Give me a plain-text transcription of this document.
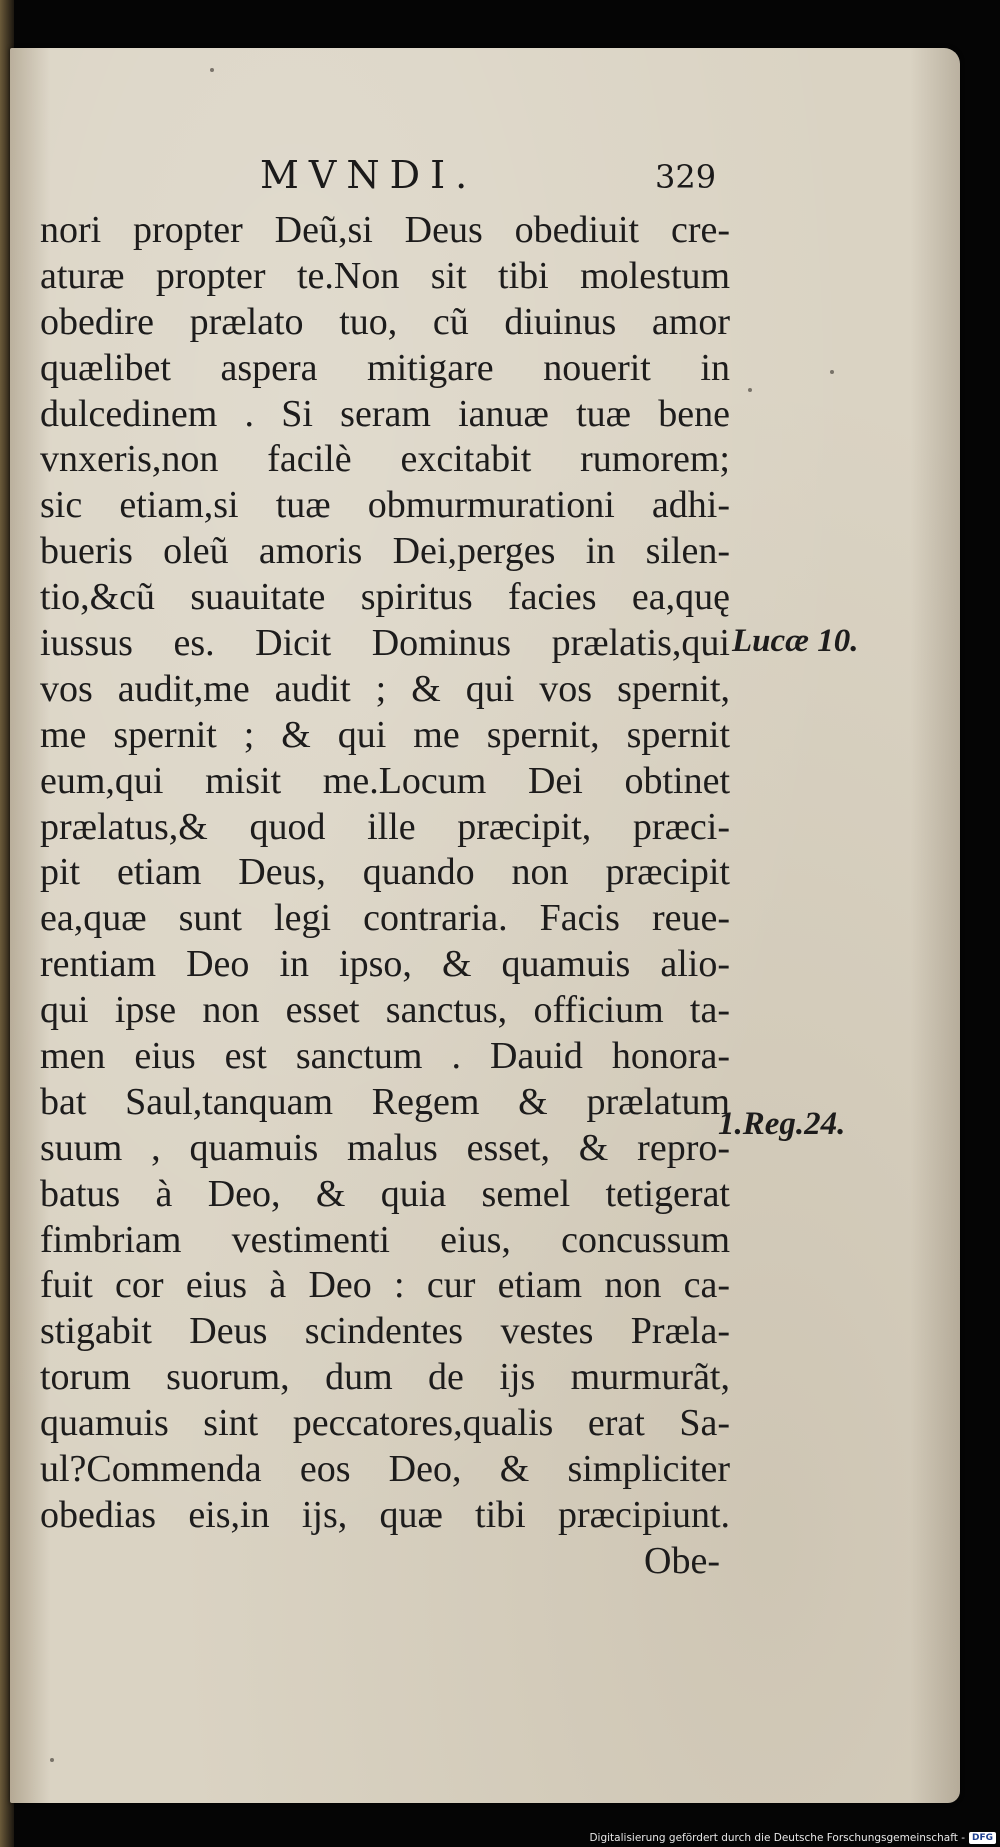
MVNDI.	329

nori propter Deũ,si Deus obediuit cre-
aturæ propter te.Non sit tibi molestum
obedire prælato tuo, cũ diuinus amor
quælibet aspera mitigare nouerit in
dulcedinem . Si seram ianuæ tuæ bene
vnxeris,non facilè excitabit rumorem;
sic etiam,si tuæ obmurmurationi adhi-
bueris oleũ amoris Dei,perges in silen-
tio,&cũ suauitate spiritus facies ea,quę
iussus es. Dicit Dominus prælatis,qui
vos audit,me audit ; & qui vos spernit,
me spernit ; & qui me spernit, spernit
eum,qui misit me.Locum Dei obtinet
prælatus,& quod ille præcipit, præci-
pit etiam Deus, quando non præcipit
ea,quæ sunt legi contraria. Facis reue-
rentiam Deo in ipso, & quamuis alio-
qui ipse non esset sanctus, officium ta-
men eius est sanctum . Dauid honora-
bat Saul,tanquam Regem & prælatum
suum , quamuis malus esset, & repro-
batus à Deo, & quia semel tetigerat
fimbriam vestimenti eius, concussum
fuit cor eius à Deo : cur etiam non ca-
stigabit Deus scindentes vestes Præla-
torum suorum, dum de ijs murmurãt,
quamuis sint peccatores,qualis erat Sa-
ul?Commenda eos Deo, & simpliciter
obedias eis,in ijs, quæ tibi præcipiunt.
Obe-

Lucæ 10.

1.Reg.24.

Digitalisierung gefördert durch die Deutsche Forschungsgemeinschaft - DFG
